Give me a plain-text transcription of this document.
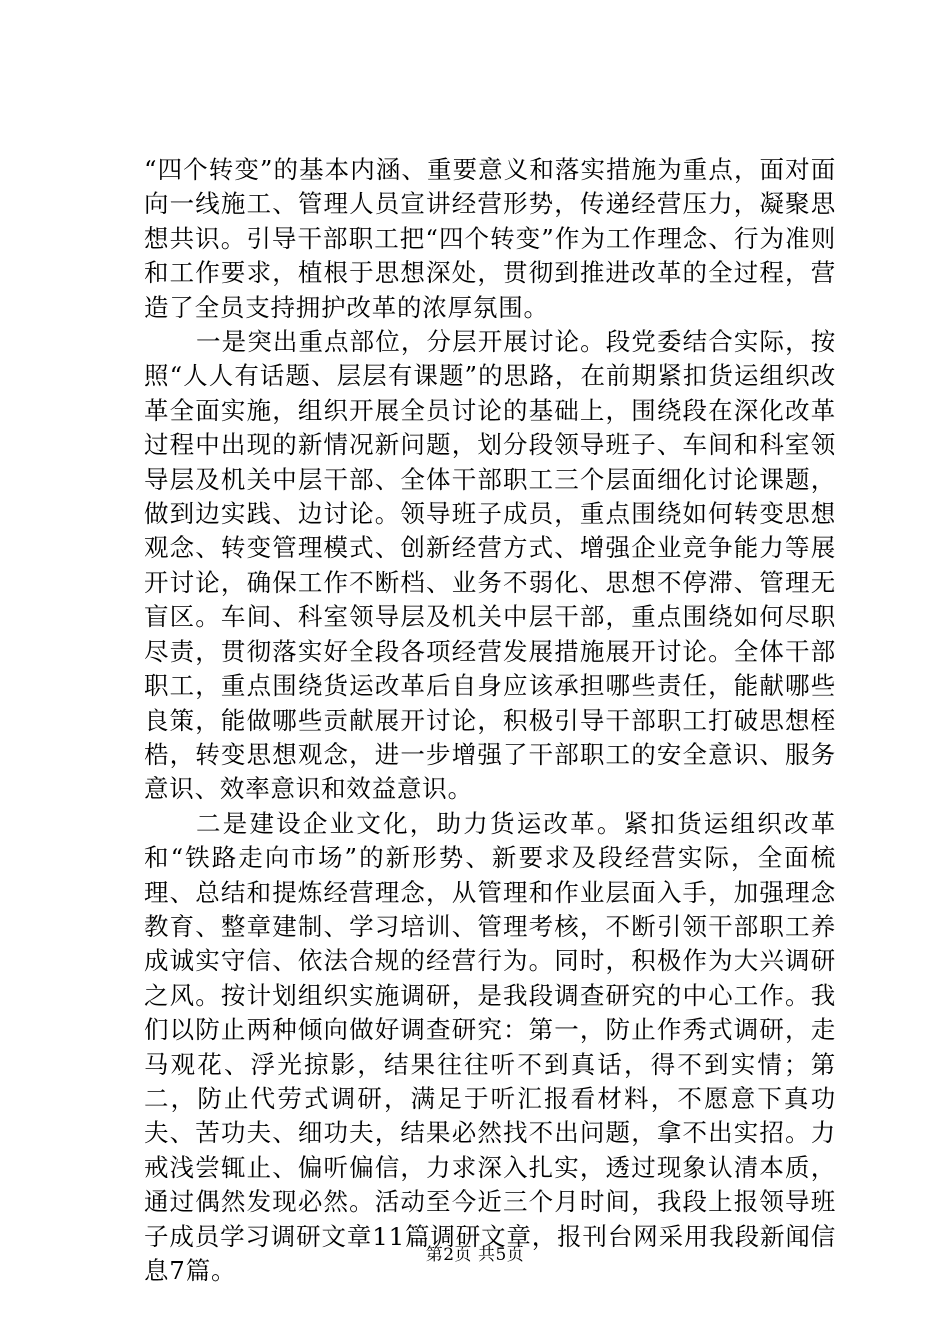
“四个转变”的基本内涵、重要意义和落实措施为重点，面对面向一线施工、管理人员宣讲经营形势，传递经营压力，凝聚思想共识。引导干部职工把“四个转变”作为工作理念、行为准则和工作要求，植根于思想深处，贯彻到推进改革的全过程，营造了全员支持拥护改革的浓厚氛围。

一是突出重点部位，分层开展讨论。段党委结合实际，按照“人人有话题、层层有课题”的思路，在前期紧扣货运组织改革全面实施，组织开展全员讨论的基础上，围绕段在深化改革过程中出现的新情况新问题，划分段领导班子、车间和科室领导层及机关中层干部、全体干部职工三个层面细化讨论课题，做到边实践、边讨论。领导班子成员，重点围绕如何转变思想观念、转变管理模式、创新经营方式、增强企业竞争能力等展开讨论，确保工作不断档、业务不弱化、思想不停滞、管理无盲区。车间、科室领导层及机关中层干部，重点围绕如何尽职尽责，贯彻落实好全段各项经营发展措施展开讨论。全体干部职工，重点围绕货运改革后自身应该承担哪些责任，能献哪些良策，能做哪些贡献展开讨论，积极引导干部职工打破思想桎梏，转变思想观念，进一步增强了干部职工的安全意识、服务意识、效率意识和效益意识。

二是建设企业文化，助力货运改革。紧扣货运组织改革和“铁路走向市场”的新形势、新要求及段经营实际，全面梳理、总结和提炼经营理念，从管理和作业层面入手，加强理念教育、整章建制、学习培训、管理考核，不断引领干部职工养成诚实守信、依法合规的经营行为。同时，积极作为大兴调研之风。按计划组织实施调研，是我段调查研究的中心工作。我们以防止两种倾向做好调查研究：第一，防止作秀式调研，走马观花、浮光掠影，结果往往听不到真话，得不到实情；第二，防止代劳式调研，满足于听汇报看材料，不愿意下真功夫、苦功夫、细功夫，结果必然找不出问题，拿不出实招。力戒浅尝辄止、偏听偏信，力求深入扎实，透过现象认清本质，通过偶然发现必然。活动至今近三个月时间，我段上报领导班子成员学习调研文章11篇调研文章，报刊台网采用我段新闻信息7篇。

第2页 共5页
